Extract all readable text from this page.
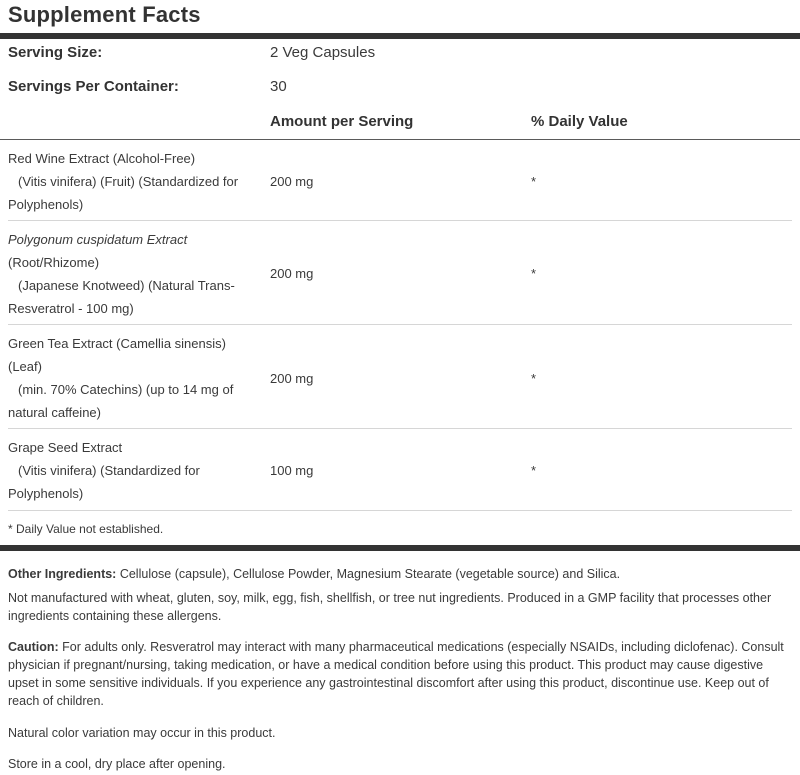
Supplement Facts
Serving Size:	2 Veg Capsules
Servings Per Container:	30
Amount per Serving	% Daily Value
Red Wine Extract (Alcohol-Free)
(Vitis vinifera) (Fruit) (Standardized for
Polyphenols)
200 mg	*
Polygonum cuspidatum Extract
(Root/Rhizome)
(Japanese Knotweed) (Natural Trans-
Resveratrol - 100 mg)
200 mg	*
Green Tea Extract (Camellia sinensis)
(Leaf)
(min. 70% Catechins) (up to 14 mg of
natural caffeine)
200 mg	*
Grape Seed Extract
(Vitis vinifera) (Standardized for
Polyphenols)
100 mg	*
* Daily Value not established.
Other Ingredients: Cellulose (capsule), Cellulose Powder, Magnesium Stearate (vegetable source) and Silica.
Not manufactured with wheat, gluten, soy, milk, egg, fish, shellfish, or tree nut ingredients. Produced in a GMP facility that processes other ingredients containing these allergens.
Caution: For adults only. Resveratrol may interact with many pharmaceutical medications (especially NSAIDs, including diclofenac). Consult physician if pregnant/nursing, taking medication, or have a medical condition before using this product. This product may cause digestive upset in some sensitive individuals. If you experience any gastrointestinal discomfort after using this product, discontinue use. Keep out of reach of children.
Natural color variation may occur in this product.
Store in a cool, dry place after opening.
